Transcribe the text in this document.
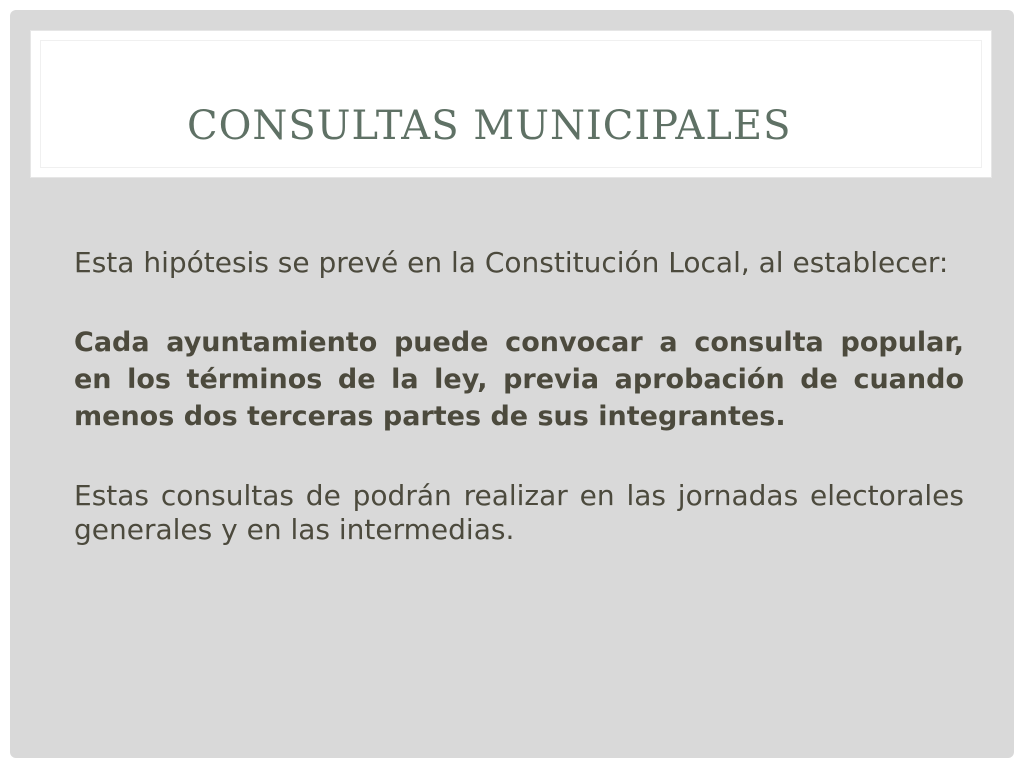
CONSULTAS MUNICIPALES

Esta hipótesis se prevé en la Constitución Local, al establecer:

Cada ayuntamiento puede convocar a consulta popular, en los términos de la ley, previa aprobación de cuando menos dos terceras partes de sus integrantes.

Estas consultas de podrán realizar en las jornadas electorales generales y en las intermedias.
